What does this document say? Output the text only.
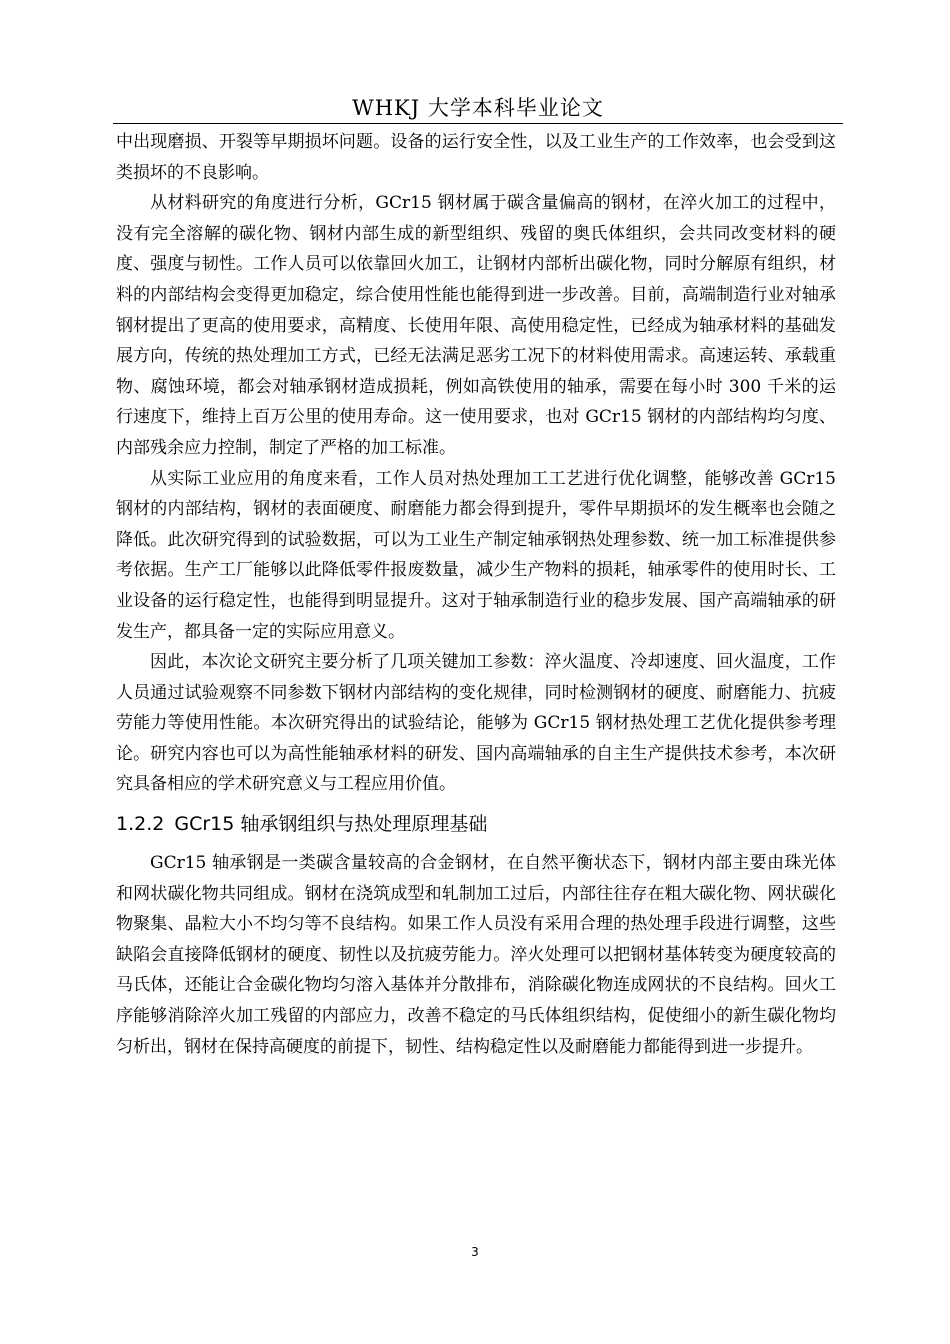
WHKJ 大学本科毕业论文

中出现磨损、开裂等早期损坏问题。设备的运行安全性，以及工业生产的工作效率，也会受到这类损坏的不良影响。

从材料研究的角度进行分析，GCr15 钢材属于碳含量偏高的钢材，在淬火加工的过程中，没有完全溶解的碳化物、钢材内部生成的新型组织、残留的奥氏体组织，会共同改变材料的硬度、强度与韧性。工作人员可以依靠回火加工，让钢材内部析出碳化物，同时分解原有组织，材料的内部结构会变得更加稳定，综合使用性能也能得到进一步改善。目前，高端制造行业对轴承钢材提出了更高的使用要求，高精度、长使用年限、高使用稳定性，已经成为轴承材料的基础发展方向，传统的热处理加工方式，已经无法满足恶劣工况下的材料使用需求。高速运转、承载重物、腐蚀环境，都会对轴承钢材造成损耗，例如高铁使用的轴承，需要在每小时 300 千米的运行速度下，维持上百万公里的使用寿命。这一使用要求，也对 GCr15 钢材的内部结构均匀度、内部残余应力控制，制定了严格的加工标准。

从实际工业应用的角度来看，工作人员对热处理加工工艺进行优化调整，能够改善 GCr15 钢材的内部结构，钢材的表面硬度、耐磨能力都会得到提升，零件早期损坏的发生概率也会随之降低。此次研究得到的试验数据，可以为工业生产制定轴承钢热处理参数、统一加工标准提供参考依据。生产工厂能够以此降低零件报废数量，减少生产物料的损耗，轴承零件的使用时长、工业设备的运行稳定性，也能得到明显提升。这对于轴承制造行业的稳步发展、国产高端轴承的研发生产，都具备一定的实际应用意义。

因此，本次论文研究主要分析了几项关键加工参数：淬火温度、冷却速度、回火温度，工作人员通过试验观察不同参数下钢材内部结构的变化规律，同时检测钢材的硬度、耐磨能力、抗疲劳能力等使用性能。本次研究得出的试验结论，能够为 GCr15 钢材热处理工艺优化提供参考理论。研究内容也可以为高性能轴承材料的研发、国内高端轴承的自主生产提供技术参考，本次研究具备相应的学术研究意义与工程应用价值。

1.2.2 GCr15 轴承钢组织与热处理原理基础

GCr15 轴承钢是一类碳含量较高的合金钢材，在自然平衡状态下，钢材内部主要由珠光体和网状碳化物共同组成。钢材在浇筑成型和轧制加工过后，内部往往存在粗大碳化物、网状碳化物聚集、晶粒大小不均匀等不良结构。如果工作人员没有采用合理的热处理手段进行调整，这些缺陷会直接降低钢材的硬度、韧性以及抗疲劳能力。淬火处理可以把钢材基体转变为硬度较高的马氏体，还能让合金碳化物均匀溶入基体并分散排布，消除碳化物连成网状的不良结构。回火工序能够消除淬火加工残留的内部应力，改善不稳定的马氏体组织结构，促使细小的新生碳化物均匀析出，钢材在保持高硬度的前提下，韧性、结构稳定性以及耐磨能力都能得到进一步提升。

3
